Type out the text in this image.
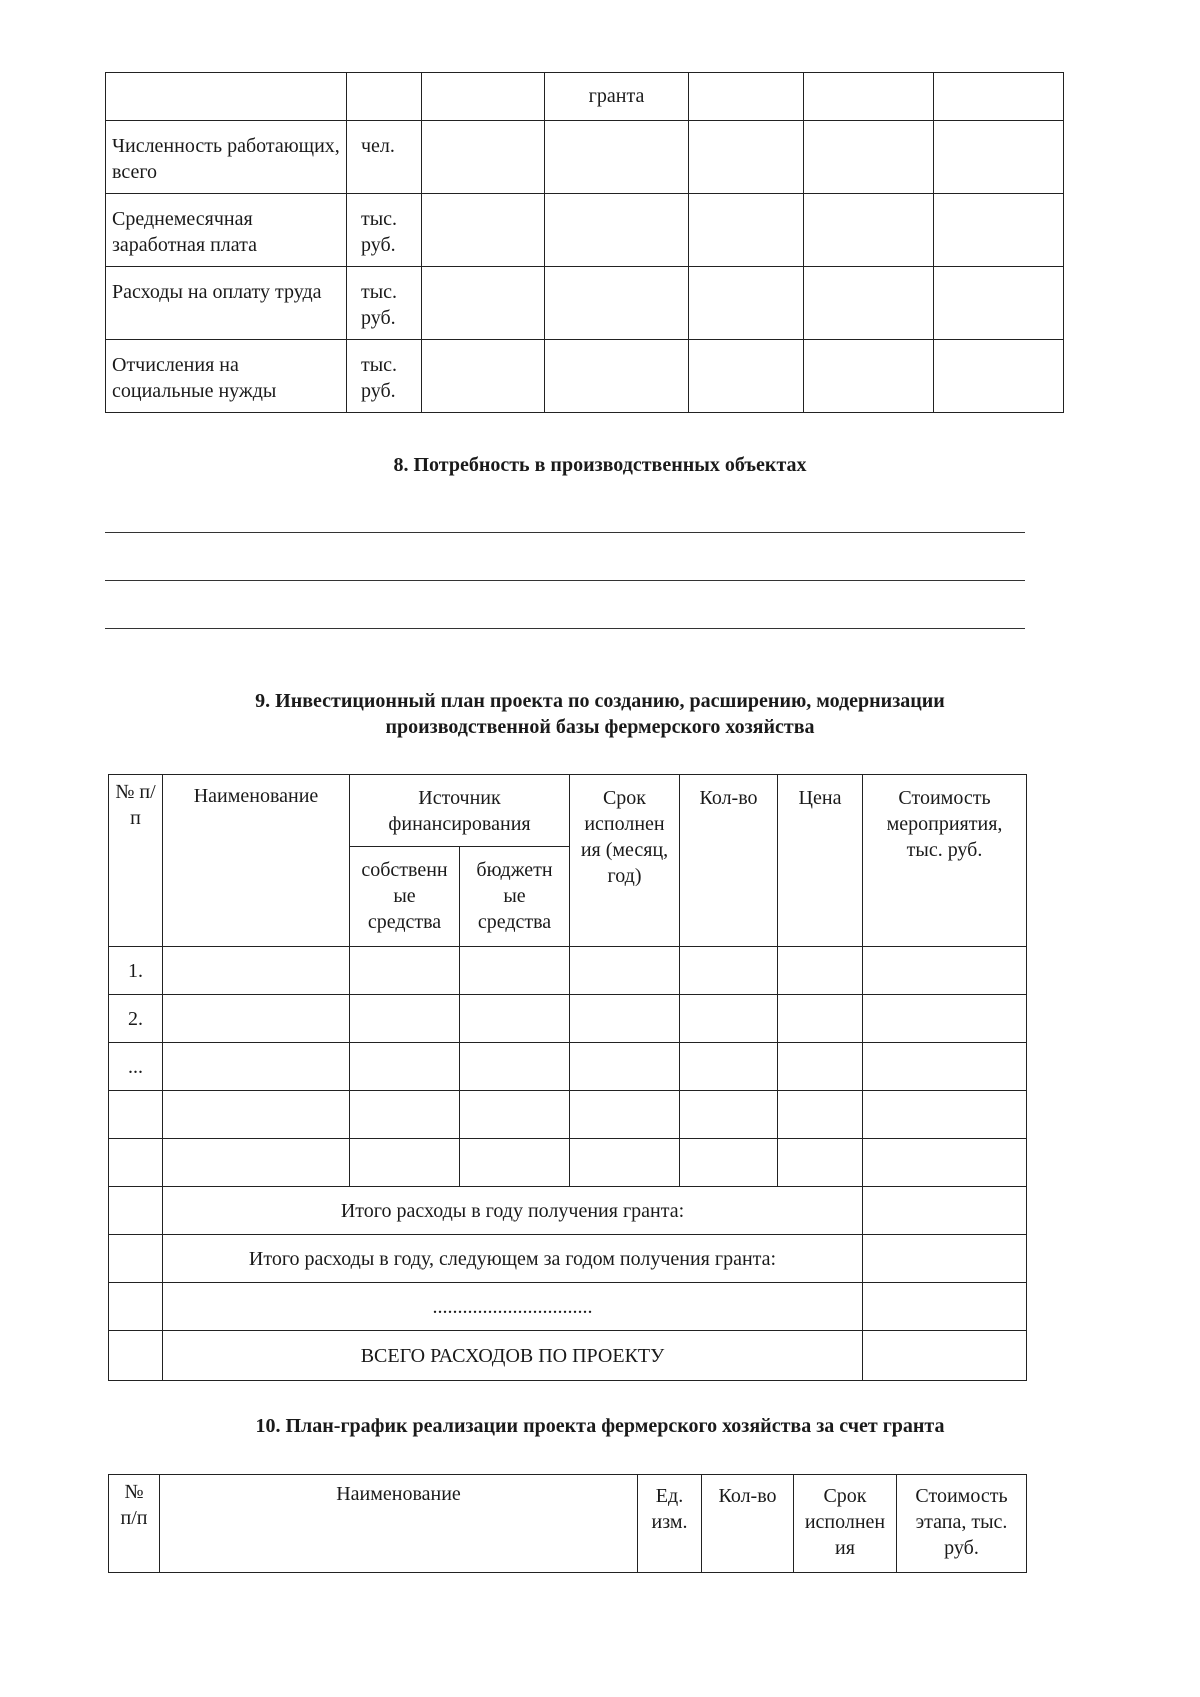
			гранта			
Численность работающих, всего	чел.					
Среднемесячная заработная плата	тыс. руб.					
Расходы на оплату труда	тыс. руб.					
Отчисления на социальные нужды	тыс. руб.					
8. Потребность в производственных объектах
9. Инвестиционный план проекта по созданию, расширению, модернизации производственной базы фермерского хозяйства
№ п/п	Наименование	Источник финансирования		Срок исполнен ия (месяц, год)	Кол-во	Цена	Стоимость мероприятия, тыс. руб.
		собственн ые средства	бюджетн ые средства				
1.							
2.							
...							

	Итого расходы в году получения гранта:						
	Итого расходы в году, следующем за годом получения гранта:						
	................................						
	ВСЕГО РАСХОДОВ ПО ПРОЕКТУ						
10. План-график реализации проекта фермерского хозяйства за счет гранта
№ п/п	Наименование	Ед. изм.	Кол-во	Срок исполнен ия	Стоимость этапа, тыс. руб.
